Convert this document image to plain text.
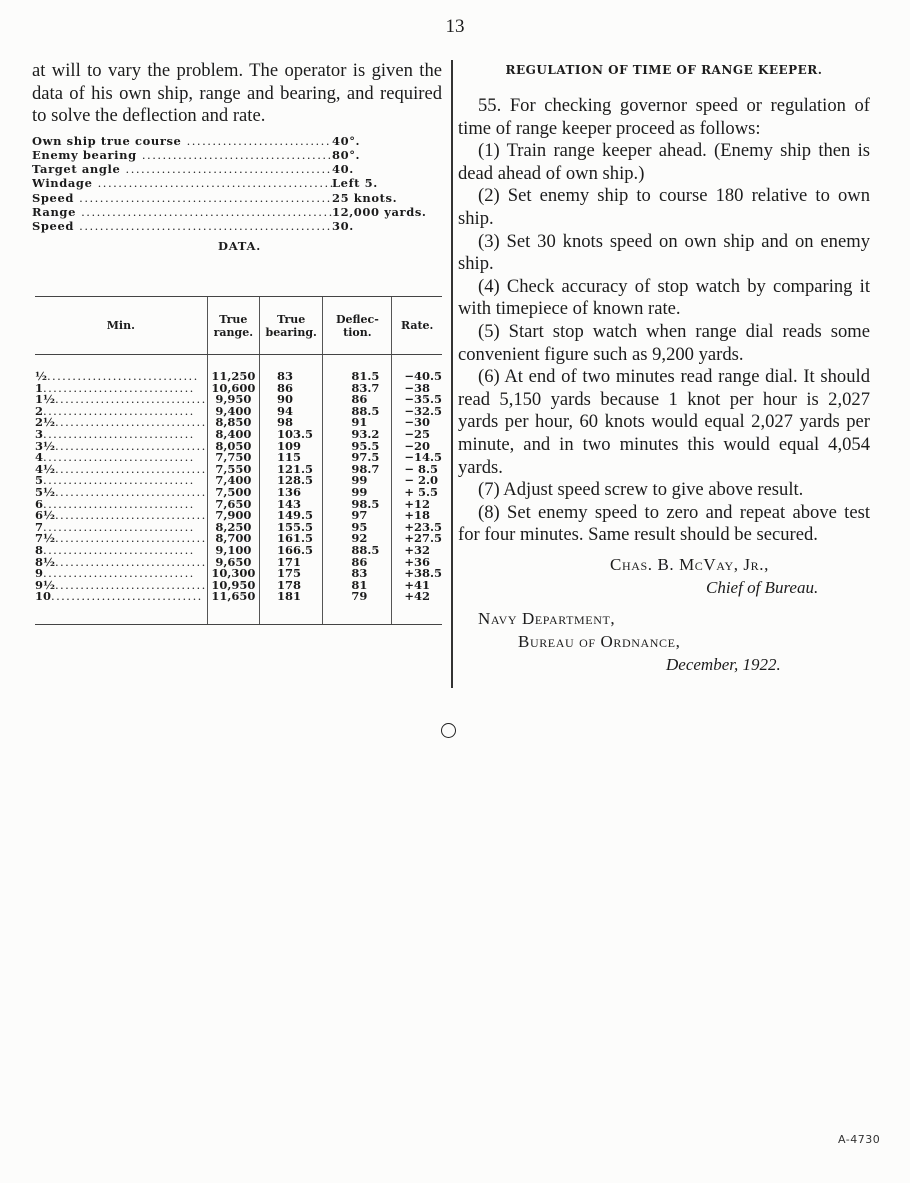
13

at will to vary the problem. The operator is given the data of his own ship, range and bearing, and required to solve the deflection and rate.

Own ship true course .....	40°.
Enemy bearing .....	80°.
Target angle .....	40.
Windage .....	Left 5.
Speed .....	25 knots.
Range .....	12,000 yards.
Speed .....	30.
DATA.
Min.	True range.	True bearing.	Deflec- tion.	Rate.

½ .....	11,250	83	81.5	−40.5
1 .....	10,600	86	83.7	−38
1½ .....	9,950	90	86	−35.5
2 .....	9,400	94	88.5	−32.5
2½ .....	8,850	98	91	−30
3 .....	8,400	103.5	93.2	−25
3½ .....	8,050	109	95.5	−20
4 .....	7,750	115	97.5	−14.5
4½ .....	7,550	121.5	98.7	− 8.5
5 .....	7,400	128.5	99	− 2.0
5½ .....	7,500	136	99	+ 5.5
6 .....	7,650	143	98.5	+12
6½ .....	7,900	149.5	97	+18
7 .....	8,250	155.5	95	+23.5
7½ .....	8,700	161.5	92	+27.5
8 .....	9,100	166.5	88.5	+32
8½ .....	9,650	171	86	+36
9 .....	10,300	175	83	+38.5
9½ .....	10,950	178	81	+41
10 .....	11,650	181	79	+42

REGULATION OF TIME OF RANGE KEEPER.

55. For checking governor speed or regulation of time of range keeper proceed as follows:

(1) Train range keeper ahead. (Enemy ship then is dead ahead of own ship.)

(2) Set enemy ship to course 180 relative to own ship.

(3) Set 30 knots speed on own ship and on enemy ship.

(4) Check accuracy of stop watch by comparing it with timepiece of known rate.

(5) Start stop watch when range dial reads some convenient figure such as 9,200 yards.

(6) At end of two minutes read range dial. It should read 5,150 yards because 1 knot per hour is 2,027 yards per hour, 60 knots would equal 2,027 yards per minute, and in two minutes this would equal 4,054 yards.

(7) Adjust speed screw to give above result.

(8) Set enemy speed to zero and repeat above test for four minutes. Same result should be secured.

Chas. B. McVay, Jr.,
Chief of Bureau.
Navy Department,
Bureau of Ordnance,
December, 1922.
A-4730
